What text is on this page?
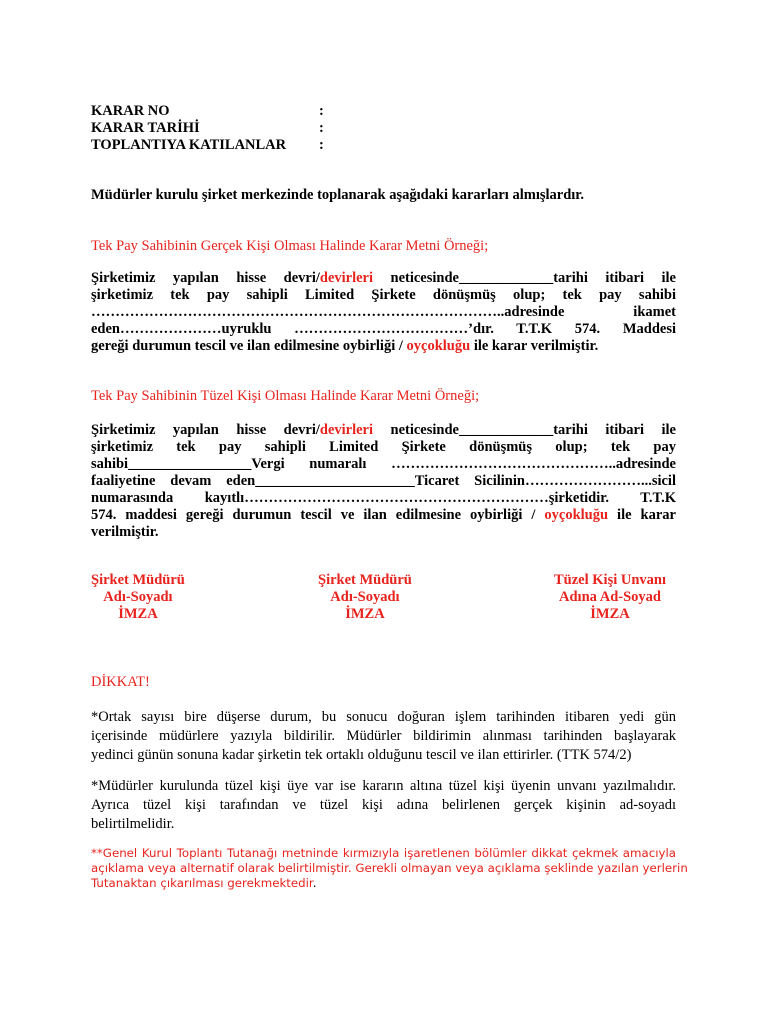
KARAR NO	:
KARAR TARİHİ	:
TOPLANTIYA KATILANLAR	:
Müdürler kurulu şirket merkezinde toplanarak aşağıdaki kararları almışlardır.
Tek Pay Sahibinin Gerçek Kişi Olması Halinde Karar Metni Örneği;
Şirketimiz yapılan hisse devri/devirleri neticesinde_____________tarihi itibari ile
şirketimiz tek pay sahipli Limited Şirkete dönüşmüş olup; tek pay sahibi
…………………………………………………………………………..adresinde ikamet
eden…………………uyruklu ………………………………’dır. T.T.K 574. Maddesi
gereği durumun tescil ve ilan edilmesine oybirliği / oyçokluğu ile karar verilmiştir.
Tek Pay Sahibinin Tüzel Kişi Olması Halinde Karar Metni Örneği;
Şirketimiz yapılan hisse devri/devirleri neticesinde_____________tarihi itibari ile
şirketimiz tek pay sahipli Limited Şirkete dönüşmüş olup; tek pay
sahibi_________________Vergi numaralı ………………………………………..adresinde
faaliyetine devam eden______________________Ticaret Sicilinin……………………...sicil
numarasında kayıtlı………………………………………………………şirketidir. T.T.K
574. maddesi gereği durumun tescil ve ilan edilmesine oybirliği / oyçokluğu ile karar
verilmiştir.
Şirket Müdürü
Adı-Soyadı
İMZA
Şirket Müdürü
Adı-Soyadı
İMZA
Tüzel Kişi Unvanı
Adına Ad-Soyad
İMZA
DİKKAT!
*Ortak sayısı bire düşerse durum, bu sonucu doğuran işlem tarihinden itibaren yedi gün
içerisinde müdürlere yazıyla bildirilir. Müdürler bildirimin alınması tarihinden başlayarak
yedinci günün sonuna kadar şirketin tek ortaklı olduğunu tescil ve ilan ettirirler. (TTK 574/2)
*Müdürler kurulunda tüzel kişi üye var ise kararın altına tüzel kişi üyenin unvanı yazılmalıdır.
Ayrıca tüzel kişi tarafından ve tüzel kişi adına belirlenen gerçek kişinin ad-soyadı
belirtilmelidir.
**Genel Kurul Toplantı Tutanağı metninde kırmızıyla işaretlenen bölümler dikkat çekmek amacıyla
açıklama veya alternatif olarak belirtilmiştir. Gerekli olmayan veya açıklama şeklinde yazılan yerlerin
Tutanaktan çıkarılması gerekmektedir.
